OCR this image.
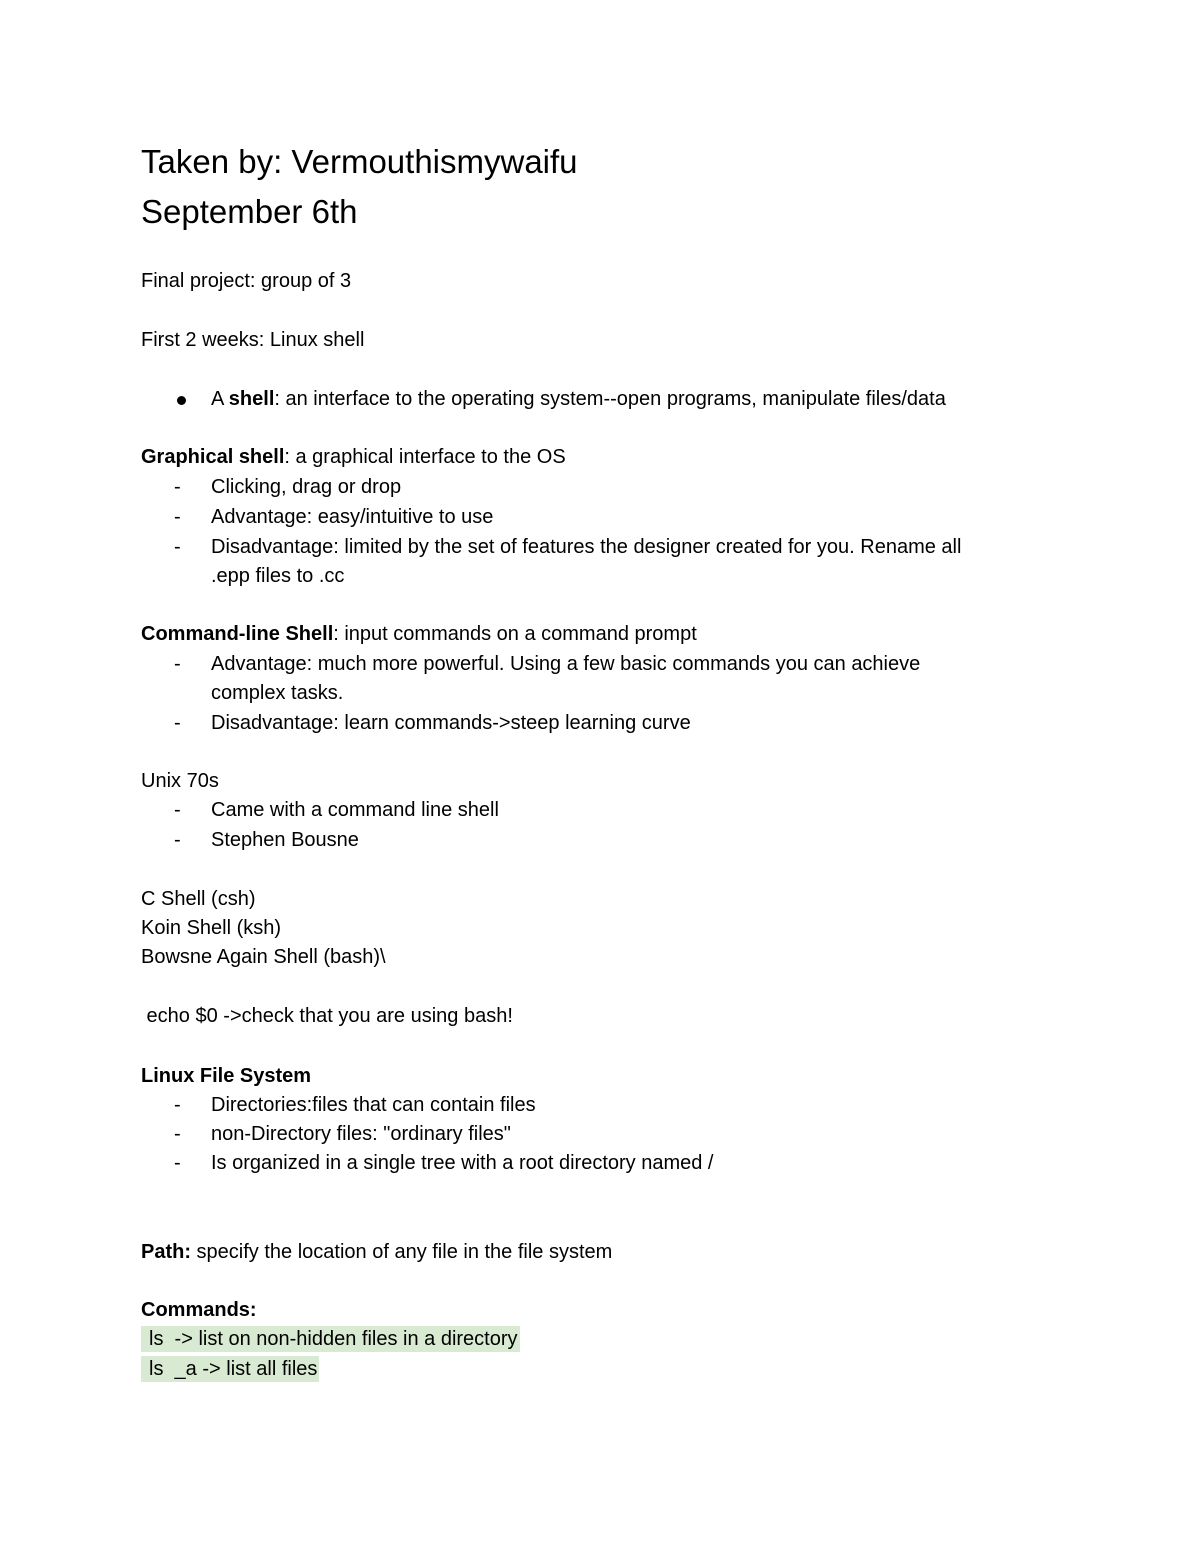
Taken by: Vermouthismywaifu
September 6th
Final project: group of 3
First 2 weeks: Linux shell
A shell: an interface to the operating system--open programs, manipulate files/data
Graphical shell: a graphical interface to the OS
- Clicking, drag or drop
- Advantage: easy/intuitive to use
- Disadvantage: limited by the set of features the designer created for you. Rename all
.epp files to .cc
Command-line Shell: input commands on a command prompt
- Advantage: much more powerful. Using a few basic commands you can achieve
complex tasks.
- Disadvantage: learn commands->steep learning curve
Unix 70s
- Came with a command line shell
- Stephen Bousne
C Shell (csh)
Koin Shell (ksh)
Bowsne Again Shell (bash)\
echo $0 ->check that you are using bash!
Linux File System
- Directories:files that can contain files
- non-Directory files: "ordinary files"
- Is organized in a single tree with a root directory named /
Path: specify the location of any file in the file system
Commands:
ls  -> list on non-hidden files in a directory
ls  _a -> list all files
